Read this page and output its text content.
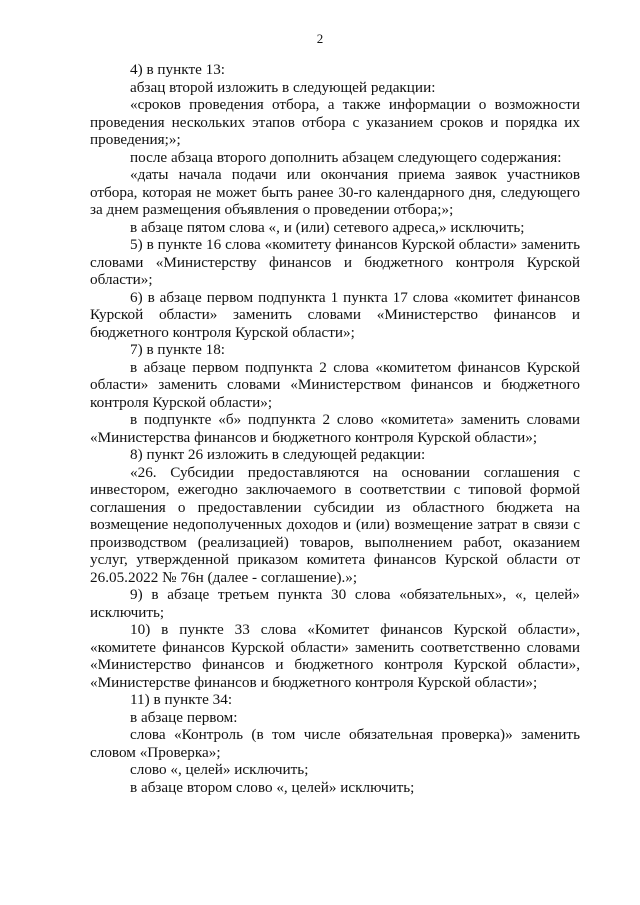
2

4) в пункте 13:

абзац второй изложить в следующей редакции:

«сроков проведения отбора, а также информации о возможности проведения нескольких этапов отбора с указанием сроков и порядка их проведения;»;

после абзаца второго дополнить абзацем следующего содержания:

«даты начала подачи или окончания приема заявок участников отбора, которая не может быть ранее 30-го календарного дня, следующего за днем размещения объявления о проведении отбора;»;

в абзаце пятом слова «, и (или) сетевого адреса,» исключить;

5) в пункте 16 слова «комитету финансов Курской области» заменить словами «Министерству финансов и бюджетного контроля Курской области»;

6) в абзаце первом подпункта 1 пункта 17 слова «комитет финансов Курской области» заменить словами «Министерство финансов и бюджетного контроля Курской области»;

7) в пункте 18:

в абзаце первом подпункта 2 слова «комитетом финансов Курской области» заменить словами «Министерством финансов и бюджетного контроля Курской области»;

в подпункте «б» подпункта 2 слово «комитета» заменить словами «Министерства финансов и бюджетного контроля Курской области»;

8) пункт 26 изложить в следующей редакции:

«26. Субсидии предоставляются на основании соглашения с инвестором, ежегодно заключаемого в соответствии с типовой формой соглашения о предоставлении субсидии из областного бюджета на возмещение недополученных доходов и (или) возмещение затрат в связи с производством (реализацией) товаров, выполнением работ, оказанием услуг, утвержденной приказом комитета финансов Курской области от 26.05.2022 № 76н (далее - соглашение).»;

9) в абзаце третьем пункта 30 слова «обязательных», «, целей» исключить;

10) в пункте 33 слова «Комитет финансов Курской области», «комитете финансов Курской области» заменить соответственно словами «Министерство финансов и бюджетного контроля Курской области», «Министерстве финансов и бюджетного контроля Курской области»;

11) в пункте 34:

в абзаце первом:

слова «Контроль (в том числе обязательная проверка)» заменить словом «Проверка»;

слово «, целей» исключить;

в абзаце втором слово «, целей» исключить;
